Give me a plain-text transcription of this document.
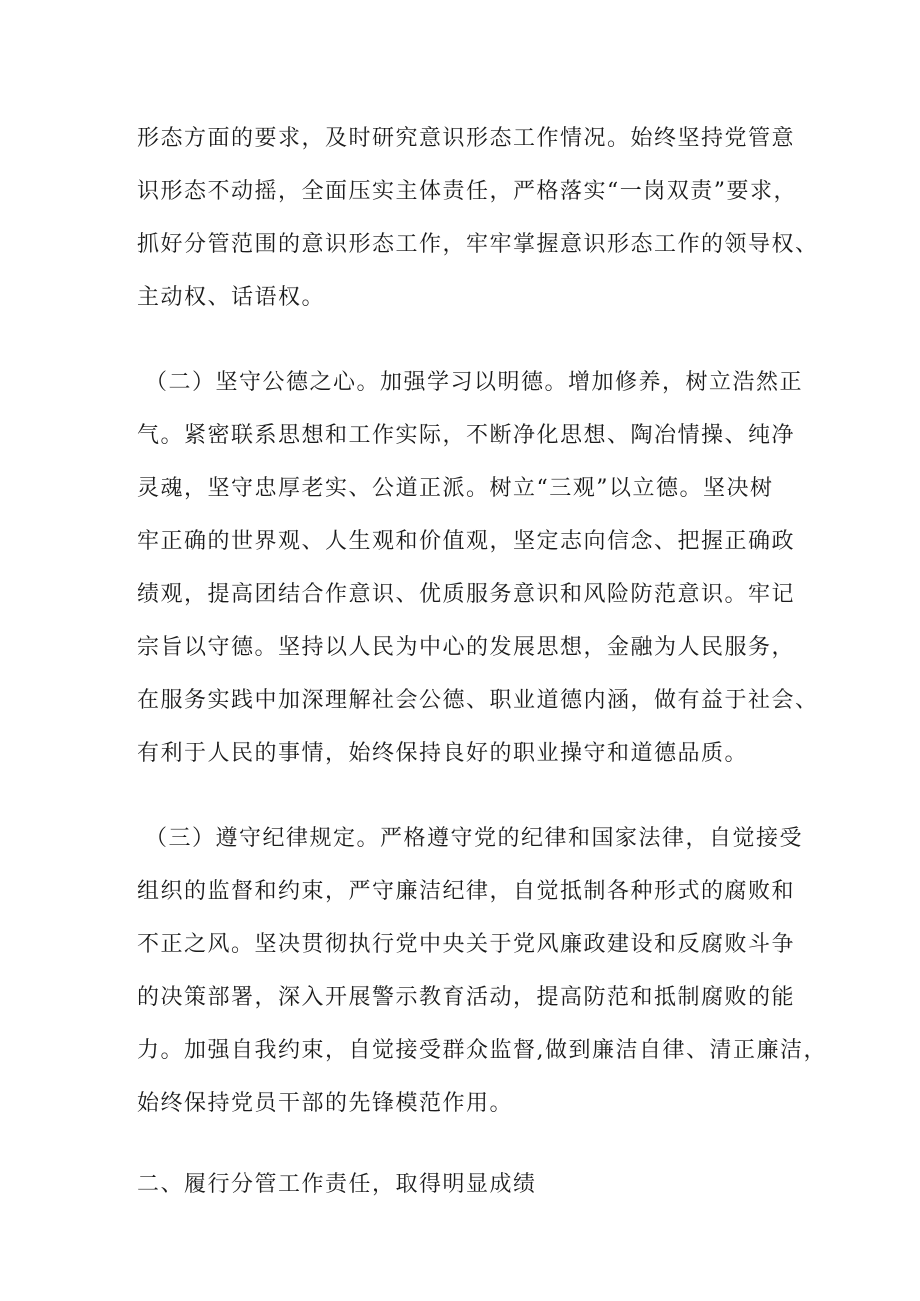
形态方面的要求，及时研究意识形态工作情况。始终坚持党管意
识形态不动摇，全面压实主体责任，严格落实“一岗双责”要求，
抓好分管范围的意识形态工作，牢牢掌握意识形态工作的领导权、
主动权、话语权。
（二）坚守公德之心。加强学习以明德。增加修养，树立浩然正
气。紧密联系思想和工作实际，不断净化思想、陶冶情操、纯净
灵魂，坚守忠厚老实、公道正派。树立“三观”以立德。坚决树
牢正确的世界观、人生观和价值观，坚定志向信念、把握正确政
绩观，提高团结合作意识、优质服务意识和风险防范意识。牢记
宗旨以守德。坚持以人民为中心的发展思想，金融为人民服务，
在服务实践中加深理解社会公德、职业道德内涵，做有益于社会、
有利于人民的事情，始终保持良好的职业操守和道德品质。
（三）遵守纪律规定。严格遵守党的纪律和国家法律，自觉接受
组织的监督和约束，严守廉洁纪律，自觉抵制各种形式的腐败和
不正之风。坚决贯彻执行党中央关于党风廉政建设和反腐败斗争
的决策部署，深入开展警示教育活动，提高防范和抵制腐败的能
力。加强自我约束，自觉接受群众监督,做到廉洁自律、清正廉洁，
始终保持党员干部的先锋模范作用。
二、履行分管工作责任，取得明显成绩
